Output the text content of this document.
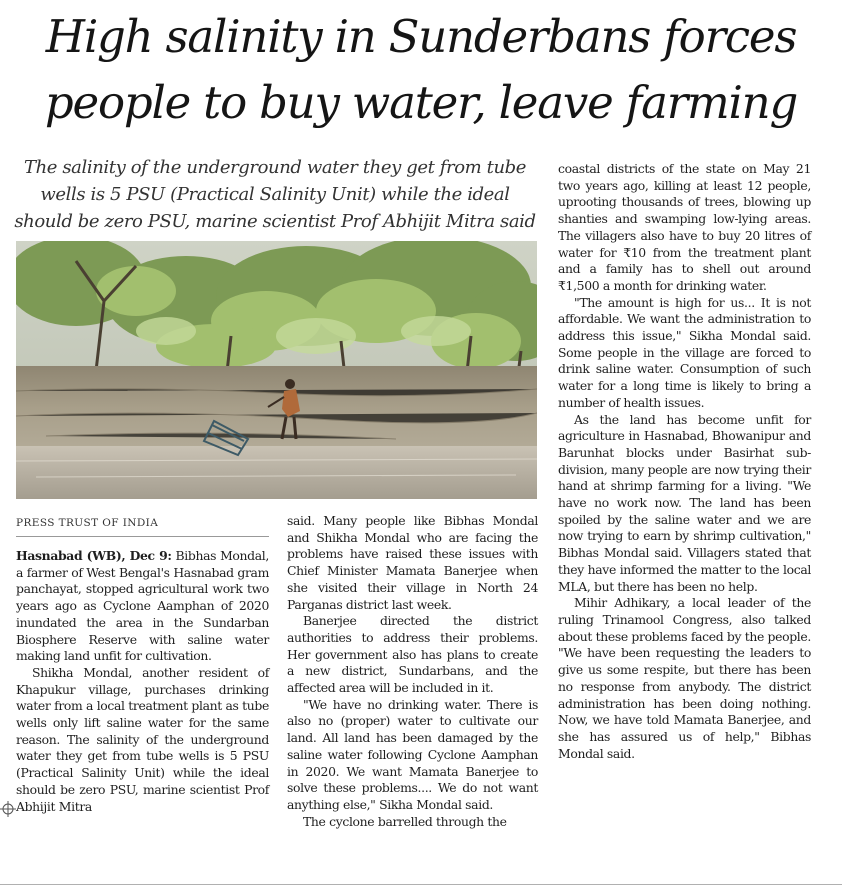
High salinity in Sunderbans forces
people to buy water, leave farming

The salinity of the underground water they get from tube wells is 5 PSU (Practical Salinity Unit) while the ideal should be zero PSU, marine scientist Prof Abhijit Mitra said

PRESS TRUST OF INDIA

Hasnabad (WB), Dec 9: Bibhas Mondal, a farmer of West Bengal's Hasnabad gram panchayat, stopped agricultural work two years ago as Cyclone Aamphan of 2020 inundated the area in the Sundarban Biosphere Reserve with saline water making land unfit for cultivation.

Shikha Mondal, another resident of Khapukur village, purchases drinking water from a local treatment plant as tube wells only lift saline water for the same reason. The salinity of the underground water they get from tube wells is 5 PSU (Practical Salinity Unit) while the ideal should be zero PSU, marine scientist Prof Abhijit Mitra

said. Many people like Bibhas Mondal and Shikha Mondal who are facing the problems have raised these issues with Chief Minister Mamata Banerjee when she visited their village in North 24 Parganas district last week.

Banerjee directed the district authorities to address their problems. Her government also has plans to create a new district, Sundarbans, and the affected area will be included in it.

"We have no drinking water. There is also no (proper) water to cultivate our land. All land has been damaged by the saline water following Cyclone Aamphan in 2020. We want Mamata Banerjee to solve these problems.... We do not want anything else," Sikha Mondal said.

The cyclone barrelled through the

coastal districts of the state on May 21 two years ago, killing at least 12 people, uprooting thousands of trees, blowing up shanties and swamping low-lying areas. The villagers also have to buy 20 litres of water for ₹10 from the treatment plant and a family has to shell out around ₹1,500 a month for drinking water.

"The amount is high for us... It is not affordable. We want the administration to address this issue," Sikha Mondal said. Some people in the village are forced to drink saline water. Consumption of such water for a long time is likely to bring a number of health issues.

As the land has become unfit for agriculture in Hasnabad, Bhowanipur and Barunhat blocks under Basirhat sub-division, many people are now trying their hand at shrimp farming for a living. "We have no work now. The land has been spoiled by the saline water and we are now trying to earn by shrimp cultivation," Bibhas Mondal said. Villagers stated that they have informed the matter to the local MLA, but there has been no help.

Mihir Adhikary, a local leader of the ruling Trinamool Congress, also talked about these problems faced by the people. "We have been requesting the leaders to give us some respite, but there has been no response from anybody. The district administration has been doing nothing. Now, we have told Mamata Banerjee, and she has assured us of help," Bibhas Mondal said.
